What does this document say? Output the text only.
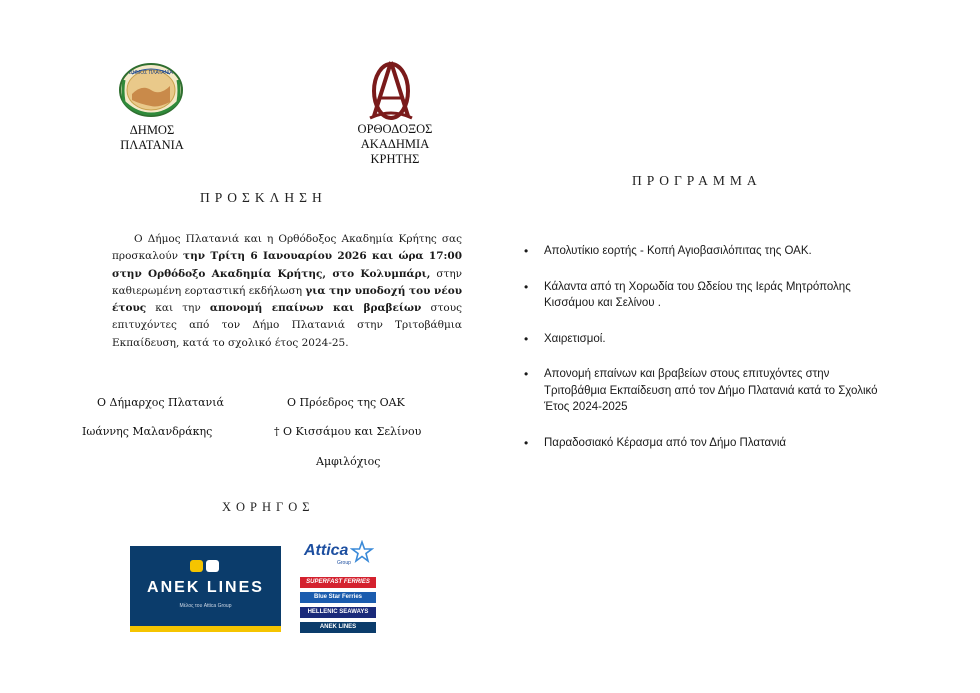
ΔΗΜΟΣ ΠΛΑΤΑΝΙΑ
ΔΗΜΟΣ
ΠΛΑΤΑΝΙΑ
ΟΡΘΟΔΟΞΟΣ
ΑΚΑΔΗΜΙΑ
ΚΡΗΤΗΣ
ΠΡΟΣΚΛΗΣΗ

Ο Δήμος Πλατανιά και η Ορθόδοξος Ακαδημία Κρήτης σας προσκαλούν την Τρίτη 6 Ιανουαρίου 2026 και ώρα 17:00 στην Ορθόδοξο Ακαδημία Κρήτης, στο Κολυμπάρι, στην καθιερωμένη εορταστική εκδήλωση για την υποδοχή του νέου έτους και την απονομή επαίνων και βραβείων στους επιτυχόντες από τον Δήμο Πλατανιά στην Τριτοβάθμια Εκπαίδευση, κατά το σχολικό έτος 2024-25.

Ο Δήμαρχος Πλατανιά
Ιωάννης Μαλανδράκης
Ο Πρόεδρος της ΟΑΚ
† Ο Κισσάμου και Σελίνου
Αμφιλόχιος
ΧΟΡΗΓΟΣ
ANEK LINES
Μέλος του Attica Group
Attica
Group
SUPERFAST FERRIES
Blue Star Ferries
HELLENIC SEAWAYS
ANEK LINES
ΠΡΟΓΡΑΜΜΑ
• Απολυτίκιο εορτής - Κοπή Αγιοβασιλόπιτας της ΟΑΚ.
• Κάλαντα από τη Χορωδία του Ωδείου της Ιεράς Μητρόπολης Κισσάμου και Σελίνου .
• Χαιρετισμοί.
• Απονομή επαίνων και βραβείων στους επιτυχόντες στην Τριτοβάθμια Εκπαίδευση από τον Δήμο Πλατανιά κατά το Σχολικό Έτος 2024-2025
• Παραδοσιακό Κέρασμα από τον Δήμο Πλατανιά
